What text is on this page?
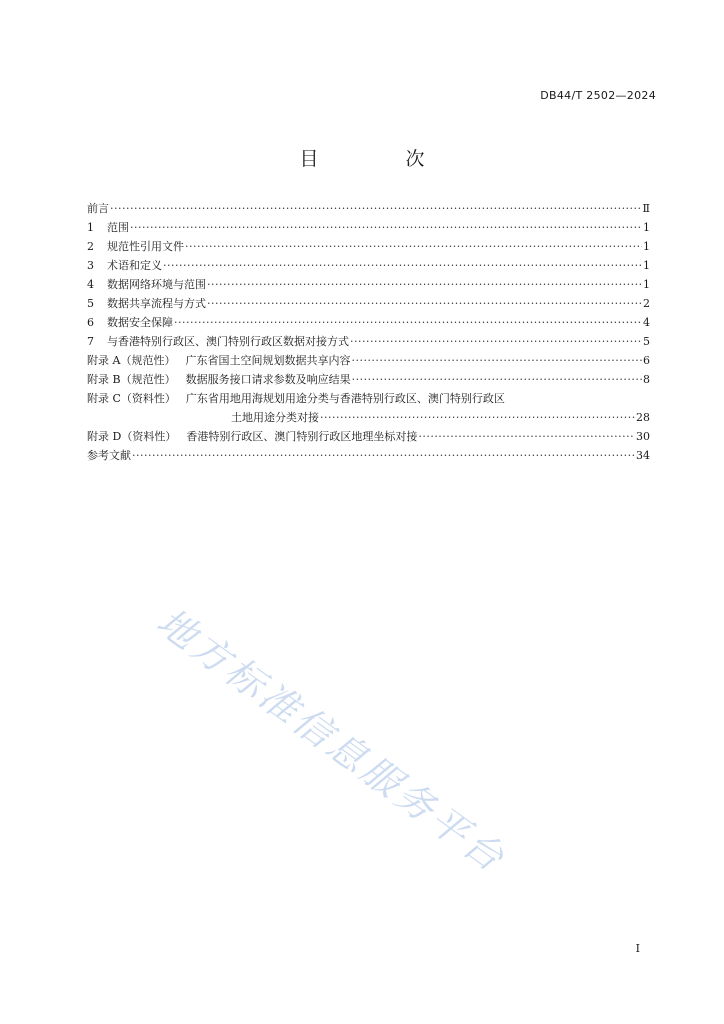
DB44/T 2502—2024
目　次
前言 ·····	Ⅱ
1 范围 ·····	1
2 规范性引用文件 ·····	1
3 术语和定义 ·····	1
4 数据网络环境与范围 ·····	1
5 数据共享流程与方式 ·····	2
6 数据安全保障 ·····	4
7 与香港特别行政区、澳门特别行政区数据对接方式 ·····	5
附录 A（规范性） 广东省国土空间规划数据共享内容 ·····	6
附录 B（规范性） 数据服务接口请求参数及响应结果 ·····	8
附录 C（资料性） 广东省用地用海规划用途分类与香港特别行政区、澳门特别行政区
土地用途分类对接 ·····	28
附录 D（资料性） 香港特别行政区、澳门特别行政区地理坐标对接 ·····	30
参考文献 ·····	34
地方标准信息服务平台
I
